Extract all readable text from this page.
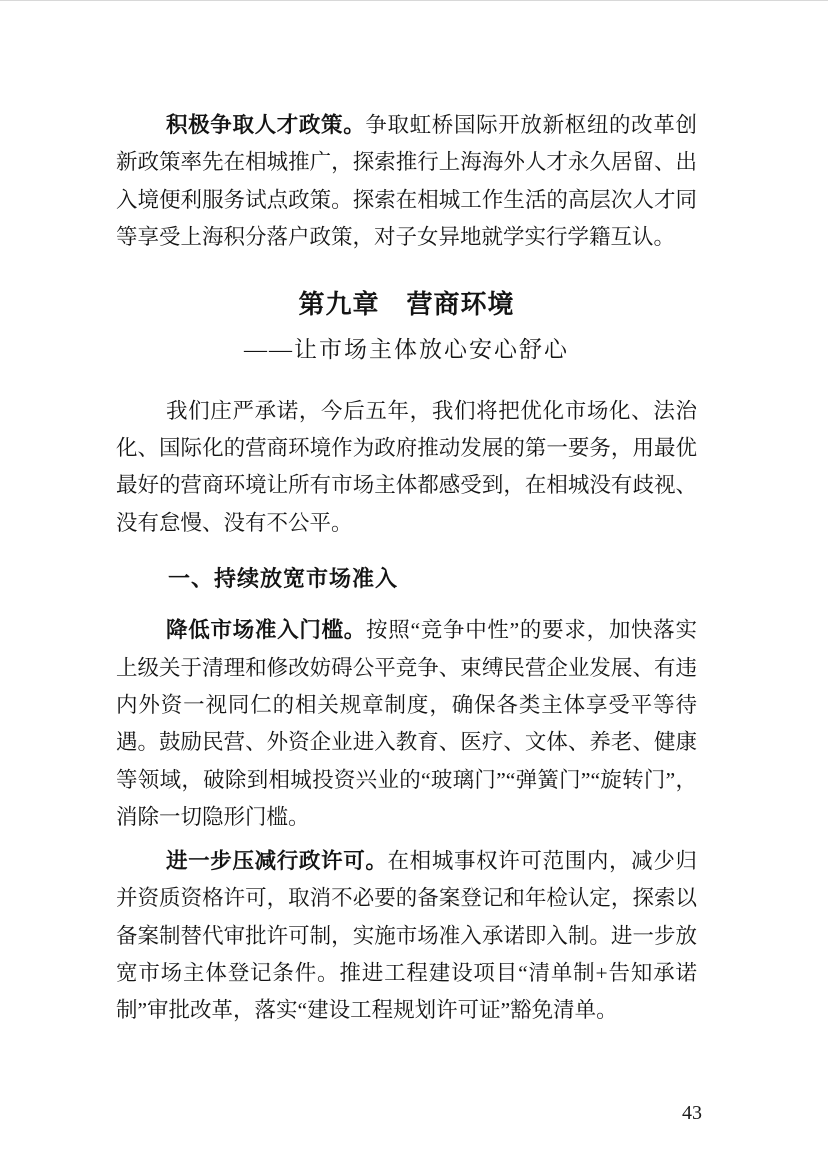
积极争取人才政策。争取虹桥国际开放新枢纽的改革创新政策率先在相城推广，探索推行上海海外人才永久居留、出入境便利服务试点政策。探索在相城工作生活的高层次人才同等享受上海积分落户政策，对子女异地就学实行学籍互认。

第九章　营商环境
——让市场主体放心安心舒心

我们庄严承诺，今后五年，我们将把优化市场化、法治化、国际化的营商环境作为政府推动发展的第一要务，用最优最好的营商环境让所有市场主体都感受到，在相城没有歧视、没有怠慢、没有不公平。

一、持续放宽市场准入

降低市场准入门槛。按照“竞争中性”的要求，加快落实上级关于清理和修改妨碍公平竞争、束缚民营企业发展、有违内外资一视同仁的相关规章制度，确保各类主体享受平等待遇。鼓励民营、外资企业进入教育、医疗、文体、养老、健康等领域，破除到相城投资兴业的“玻璃门”“弹簧门”“旋转门”，消除一切隐形门槛。

进一步压减行政许可。在相城事权许可范围内，减少归并资质资格许可，取消不必要的备案登记和年检认定，探索以备案制替代审批许可制，实施市场准入承诺即入制。进一步放宽市场主体登记条件。推进工程建设项目“清单制+告知承诺制”审批改革，落实“建设工程规划许可证”豁免清单。

43
